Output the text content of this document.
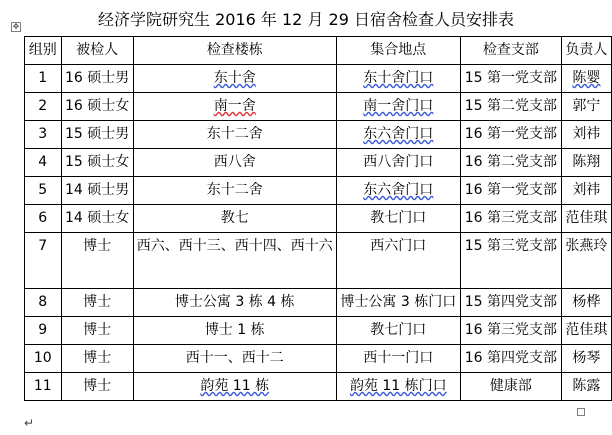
✥	经济学院研究生 2016 年 12 月 29 日宿舍检查人员安排表
组别	被检人	检查楼栋	集合地点	检查支部	负责人
1	16 硕士男	东十舍	东十舍门口	15 第一党支部	陈婴
2	16 硕士女	南一舍	南一舍门口	15 第二党支部	郭宁
3	15 硕士男	东十二舍	东六舍门口	16 第一党支部	刘祎
4	15 硕士女	西八舍	西八舍门口	16 第二党支部	陈翔
5	14 硕士男	东十二舍	东六舍门口	16 第一党支部	刘祎
6	14 硕士女	教七	教七门口	16 第三党支部	范佳琪
7	博士	西六、西十三、西十四、西十六	西六门口	15 第三党支部	张燕玲
8	博士	博士公寓 3 栋 4 栋	博士公寓 3 栋门口	15 第四党支部	杨桦
9	博士	博士 1 栋	教七门口	16 第三党支部	范佳琪
10	博士	西十一、西十二	西十一门口	16 第四党支部	杨琴
11	博士	韵苑 11 栋	韵苑 11 栋门口	健康部	陈露
↵
